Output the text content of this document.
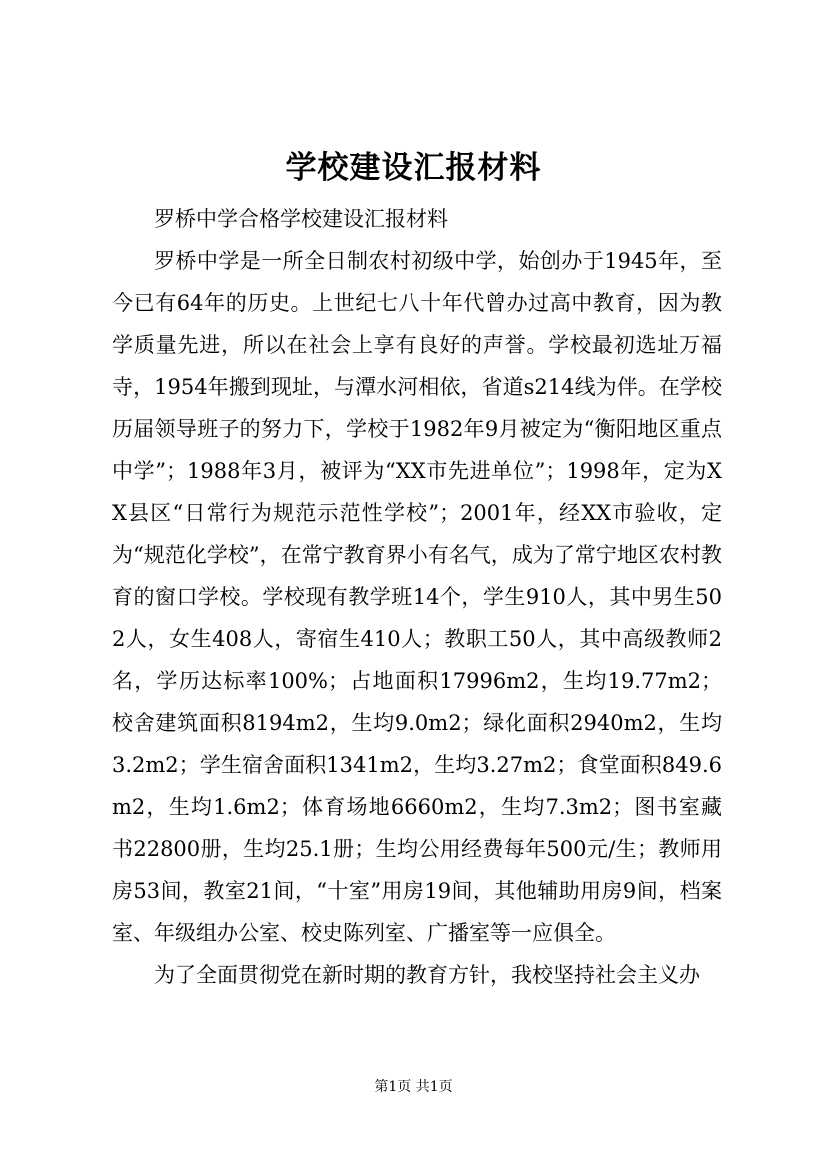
学校建设汇报材料

罗桥中学合格学校建设汇报材料

罗桥中学是一所全日制农村初级中学，始创办于1945年，至今已有64年的历史。上世纪七八十年代曾办过高中教育，因为教学质量先进，所以在社会上享有良好的声誉。学校最初选址万福寺，1954年搬到现址，与潭水河相依，省道s214线为伴。在学校历届领导班子的努力下，学校于1982年9月被定为“衡阳地区重点中学”；1988年3月，被评为“XX市先进单位”；1998年，定为XX县区“日常行为规范示范性学校”；2001年，经XX市验收，定为“规范化学校”，在常宁教育界小有名气，成为了常宁地区农村教育的窗口学校。学校现有教学班14个，学生910人，其中男生502人，女生408人，寄宿生410人；教职工50人，其中高级教师2名，学历达标率100%；占地面积17996m2，生均19.77m2；校舍建筑面积8194m2，生均9.0m2；绿化面积2940m2，生均3.2m2；学生宿舍面积1341m2，生均3.27m2；食堂面积849.6m2，生均1.6m2；体育场地6660m2，生均7.3m2；图书室藏书22800册，生均25.1册；生均公用经费每年500元/生；教师用房53间，教室21间，“十室”用房19间，其他辅助用房9间，档案室、年级组办公室、校史陈列室、广播室等一应俱全。

为了全面贯彻党在新时期的教育方针，我校坚持社会主义办

第1页 共1页
